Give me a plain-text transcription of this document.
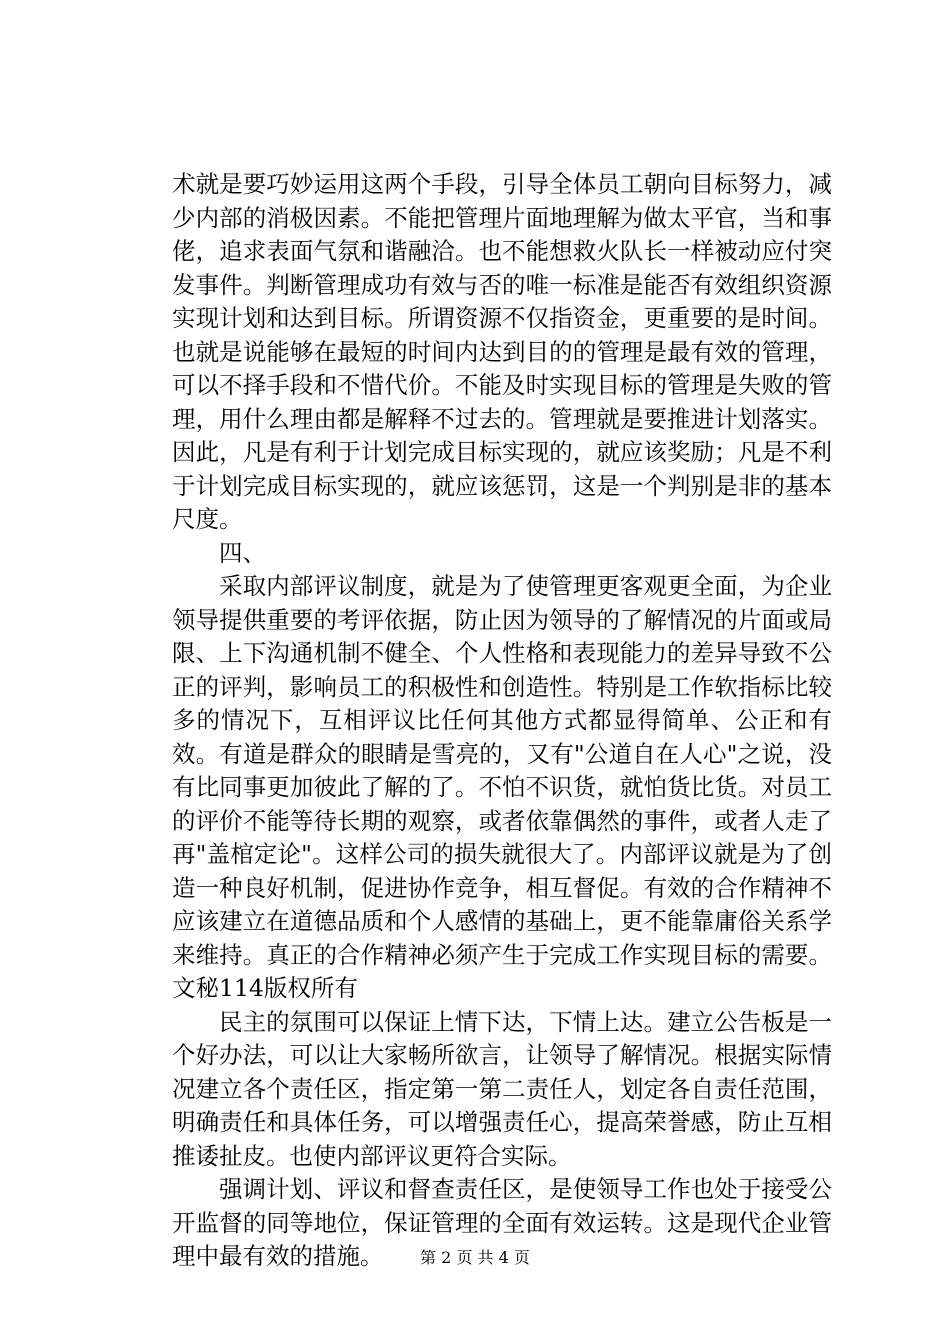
术就是要巧妙运用这两个手段，引导全体员工朝向目标努力，减少内部的消极因素。不能把管理片面地理解为做太平官，当和事佬，追求表面气氛和谐融洽。也不能想救火队长一样被动应付突发事件。判断管理成功有效与否的唯一标准是能否有效组织资源实现计划和达到目标。所谓资源不仅指资金，更重要的是时间。也就是说能够在最短的时间内达到目的的管理是最有效的管理，可以不择手段和不惜代价。不能及时实现目标的管理是失败的管理，用什么理由都是解释不过去的。管理就是要推进计划落实。因此，凡是有利于计划完成目标实现的，就应该奖励；凡是不利于计划完成目标实现的，就应该惩罚，这是一个判别是非的基本尺度。

四、

采取内部评议制度，就是为了使管理更客观更全面，为企业领导提供重要的考评依据，防止因为领导的了解情况的片面或局限、上下沟通机制不健全、个人性格和表现能力的差异导致不公正的评判，影响员工的积极性和创造性。特别是工作软指标比较多的情况下，互相评议比任何其他方式都显得简单、公正和有效。有道是群众的眼睛是雪亮的，又有"公道自在人心"之说，没有比同事更加彼此了解的了。不怕不识货，就怕货比货。对员工的评价不能等待长期的观察，或者依靠偶然的事件，或者人走了再"盖棺定论"。这样公司的损失就很大了。内部评议就是为了创造一种良好机制，促进协作竞争，相互督促。有效的合作精神不应该建立在道德品质和个人感情的基础上，更不能靠庸俗关系学来维持。真正的合作精神必须产生于完成工作实现目标的需要。文秘114版权所有

民主的氛围可以保证上情下达，下情上达。建立公告板是一个好办法，可以让大家畅所欲言，让领导了解情况。根据实际情况建立各个责任区，指定第一第二责任人，划定各自责任范围，明确责任和具体任务，可以增强责任心，提高荣誉感，防止互相推诿扯皮。也使内部评议更符合实际。

强调计划、评议和督查责任区，是使领导工作也处于接受公开监督的同等地位，保证管理的全面有效运转。这是现代企业管理中最有效的措施。	第 2 页 共 4 页
